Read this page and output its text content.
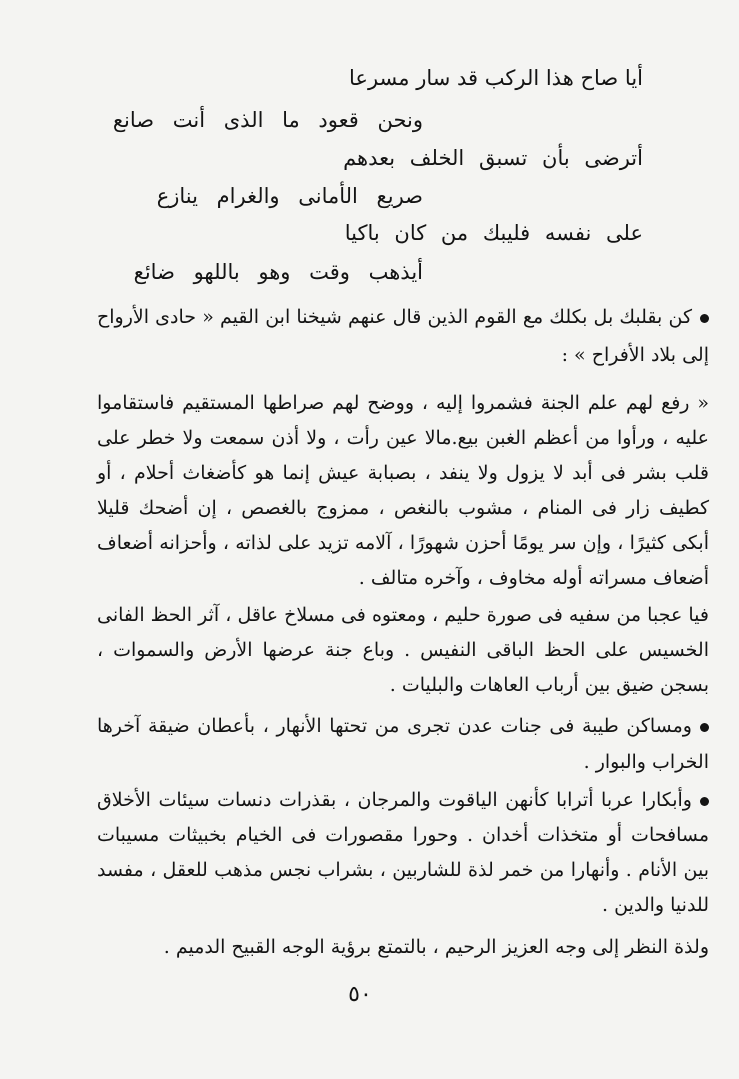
أيا صاح هذا الركب قد سار مسرعا
ونحن قعود ما الذى أنت صانع
أترضى بأن تسبق الخلف بعدهم
صريع الأمانى والغرام ينازع
على نفسه فليبك من كان باكيا
أيذهب وقت وهو باللهو ضائع
كن بقلبك بل بكلك مع القوم الذين قال عنهم شيخنا ابن القيم « حادى الأرواح إلى بلاد الأفراح » :
« رفع لهم علم الجنة فشمروا إليه ، ووضح لهم صراطها المستقيم فاستقاموا عليه ، ورأوا من أعظم الغبن بيع.مالا عين رأت ، ولا أذن سمعت ولا خطر على قلب بشر فى أبد لا يزول ولا ينفد ، بصبابة عيش إنما هو كأضغاث أحلام ، أو كطيف زار فى المنام ، مشوب بالنغص ، ممزوج بالغصص ، إن أضحك قليلا أبكى كثيرًا ، وإن سر يومًا أحزن شهورًا ، آلامه تزيد على لذاته ، وأحزانه أضعاف أضعاف مسراته أوله مخاوف ، وآخره متالف .
فيا عجبا من سفيه فى صورة حليم ، ومعتوه فى مسلاخ عاقل ، آثر الحظ الفانى الخسيس على الحظ الباقى النفيس . وباع جنة عرضها الأرض والسموات ، بسجن ضيق بين أرباب العاهات والبليات .
ومساكن طيبة فى جنات عدن تجرى من تحتها الأنهار ، بأعطان ضيقة آخرها الخراب والبوار .
وأبكارا عربا أترابا كأنهن الياقوت والمرجان ، بقذرات دنسات سيئات الأخلاق مسافحات أو متخذات أخدان . وحورا مقصورات فى الخيام بخبيثات مسيبات بين الأنام . وأنهارا من خمر لذة للشاربين ، بشراب نجس مذهب للعقل ، مفسد للدنيا والدين .
ولذة النظر إلى وجه العزيز الرحيم ، بالتمتع برؤية الوجه القبيح الدميم .
٥٠
